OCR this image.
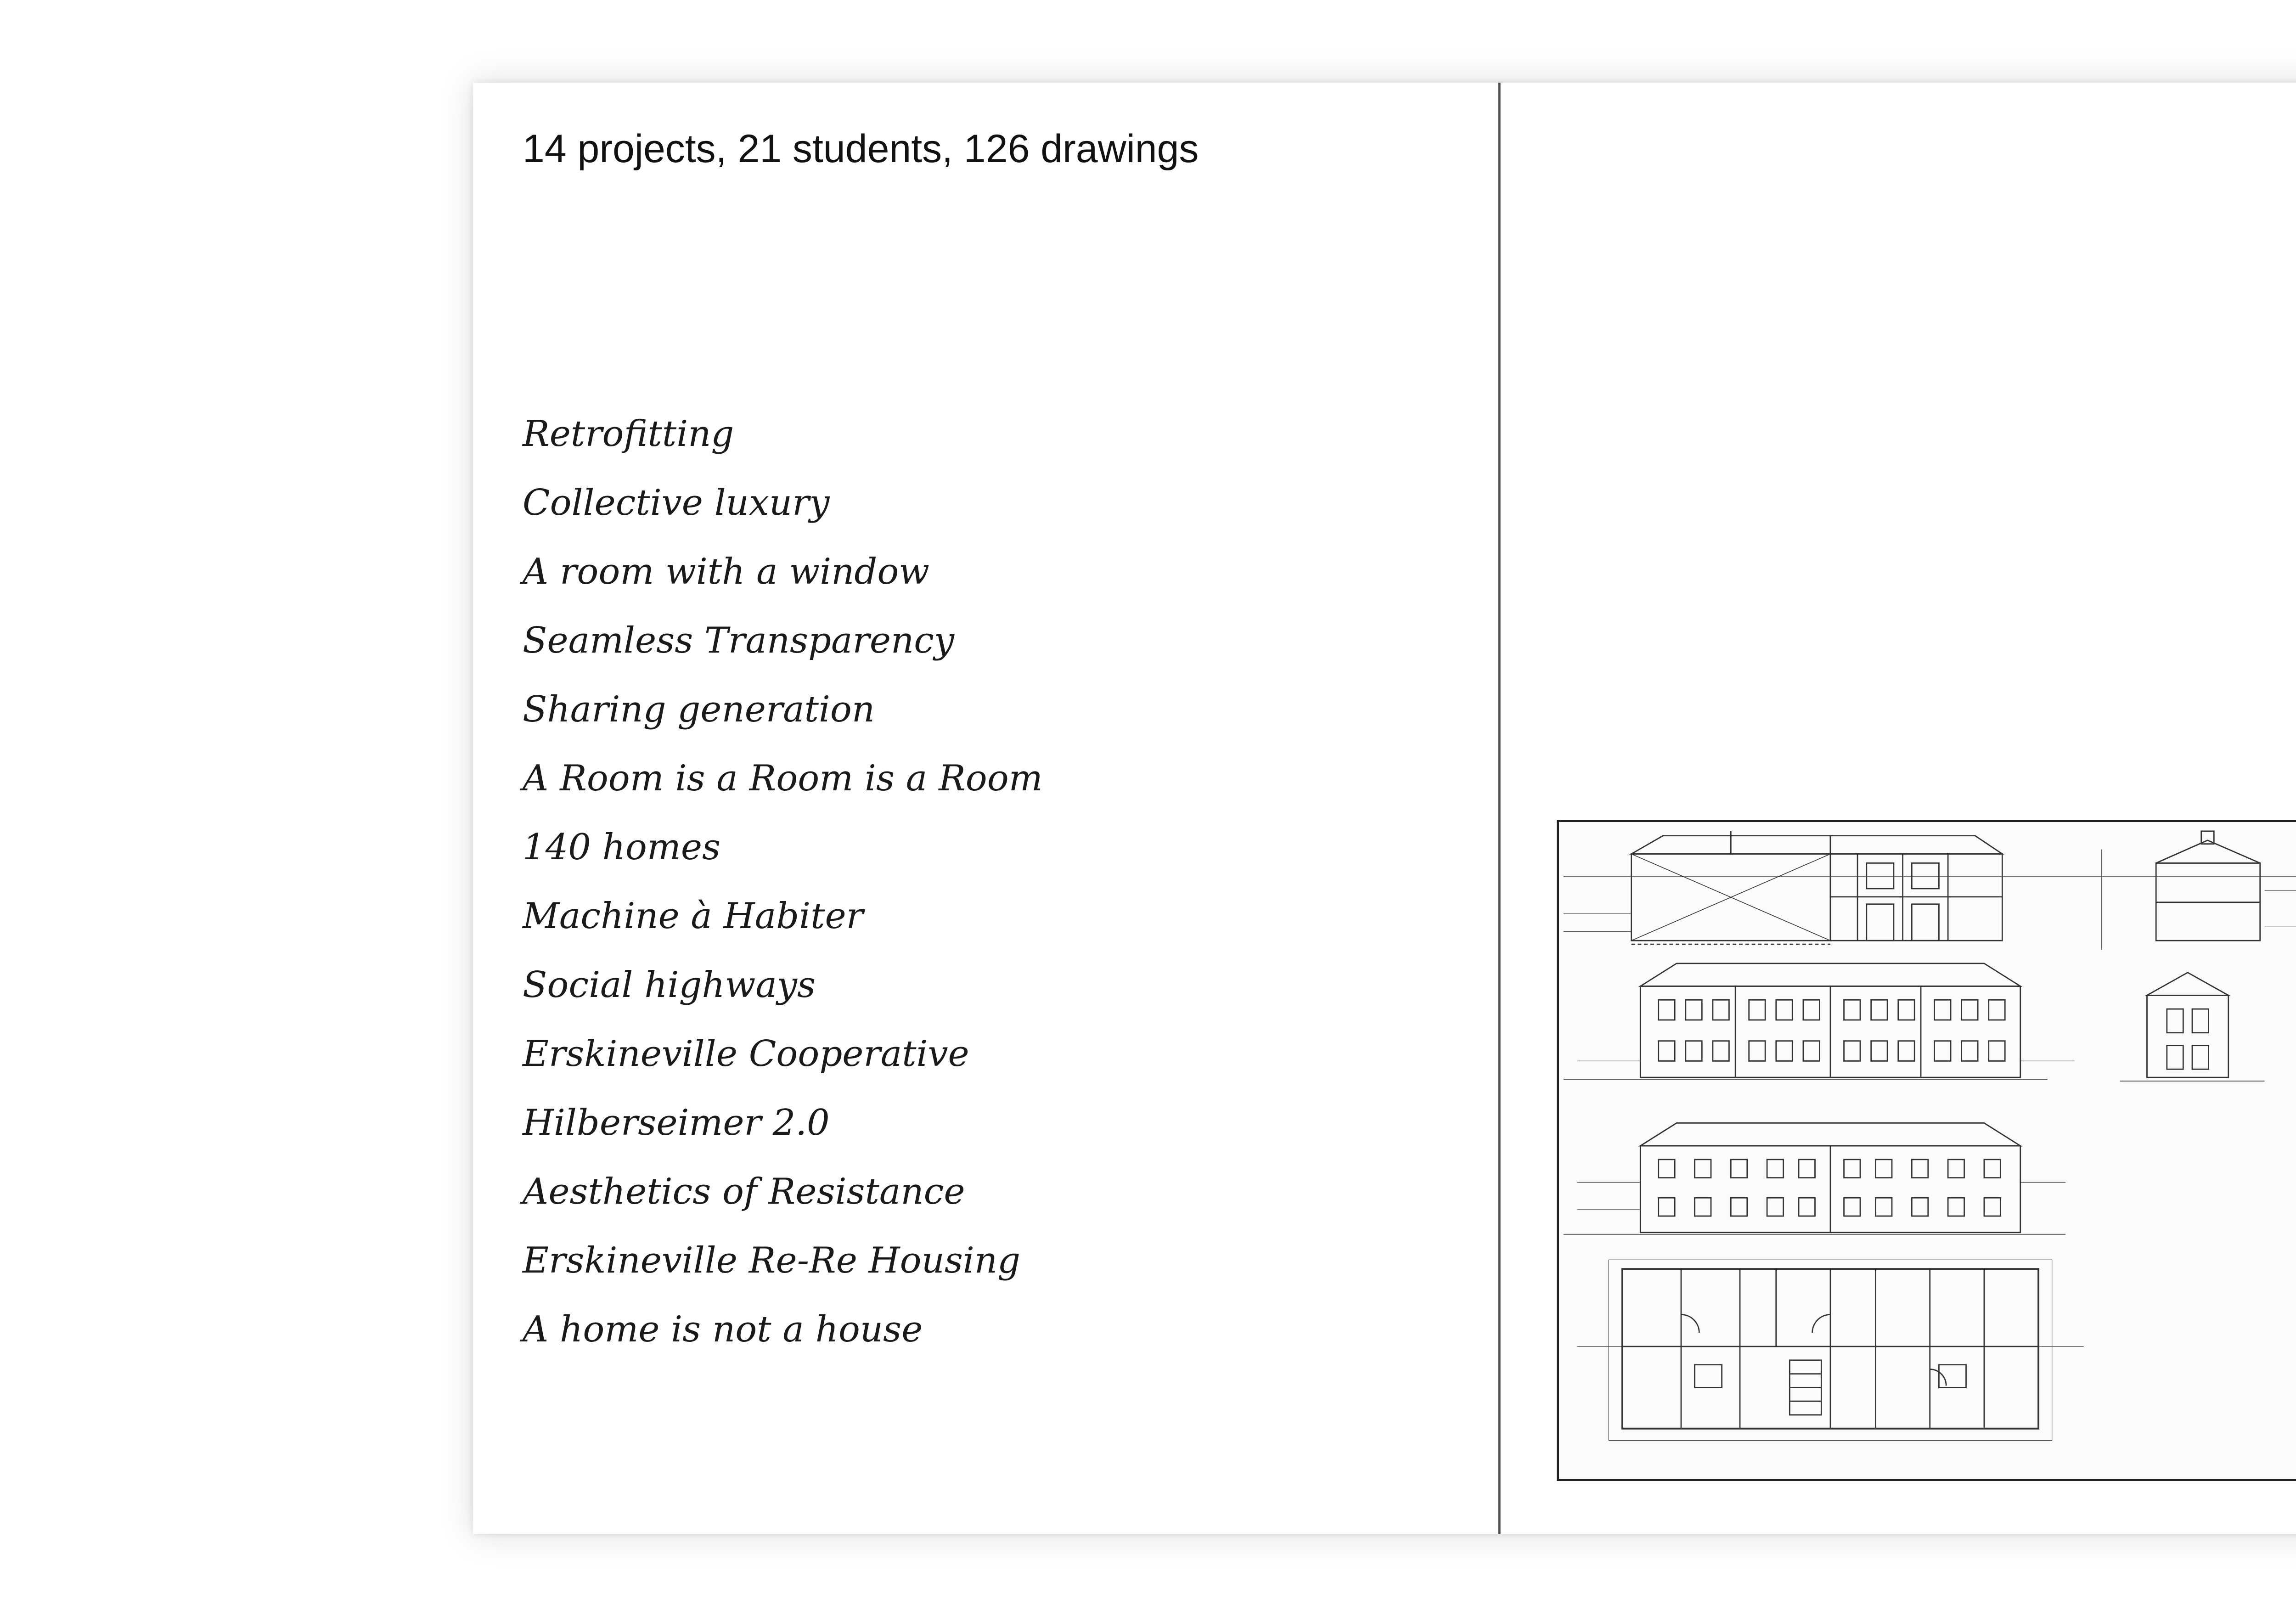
14 projects, 21 students, 126 drawings
Retrofitting
Collective luxury
A room with a window
Seamless Transparency
Sharing generation
A Room is a Room is a Room
140 homes
Machine à Habiter
Social highways
Erskineville Cooperative
Hilberseimer 2.0
Aesthetics of Resistance
Erskineville Re-Re Housing
A home is not a house
